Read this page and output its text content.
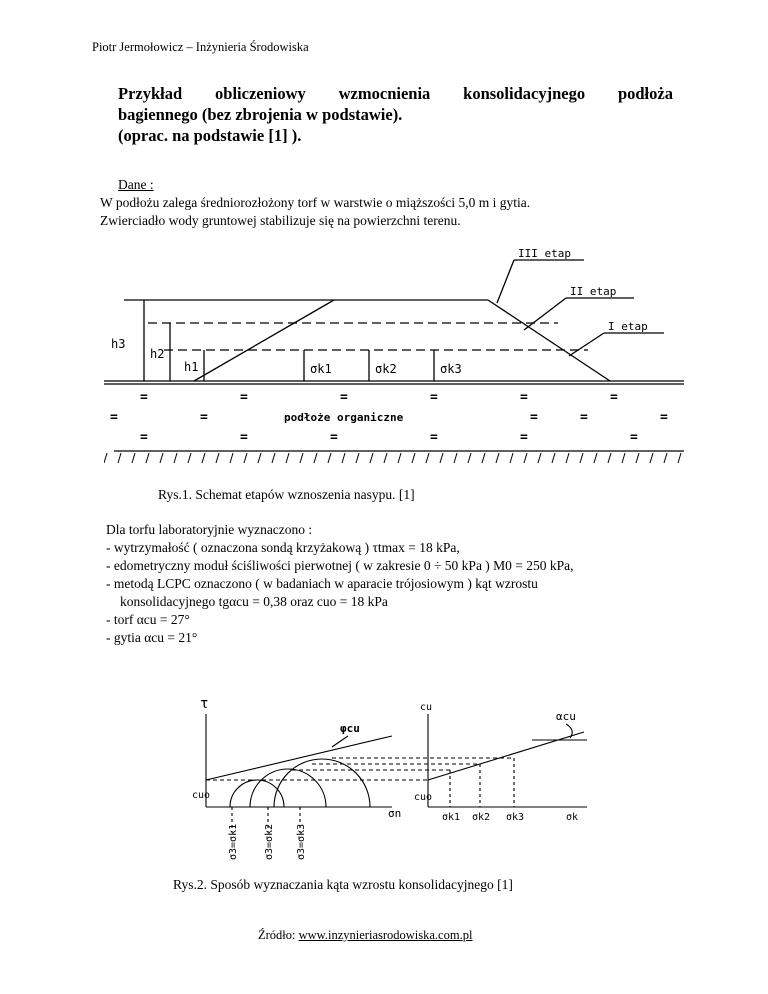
Piotr Jermołowicz – Inżynieria Środowiska
Przykład obliczeniowy wzmocnienia konsolidacyjnego podłoża
bagiennego (bez zbrojenia w podstawie).
(oprac. na podstawie [1] ).
Dane :
W podłożu zalega średniorozłożony torf w warstwie o miąższości 5,0 m i gytia.
Zwierciadło wody gruntowej stabilizuje się na powierzchni terenu.
=	=	=	=	=	=
=	=	=	=	=
=	=	=	=	=	=
h3
h2
h1	σk1	σk2	σk3
III etap
II etap
I etap
podłoże organiczne
Rys.1. Schemat etapów wznoszenia nasypu. [1]
Dla torfu laboratoryjnie wyznaczono :
- wytrzymałość ( oznaczona sondą krzyżakową ) τtmax = 18 kPa,
- edometryczny moduł ściśliwości pierwotnej ( w zakresie 0 ÷ 50 kPa ) M0 = 250 kPa,
- metodą LCPC oznaczono ( w badaniach w aparacie trójosiowym ) kąt wzrostu
konsolidacyjnego tgαcu = 0,38 oraz cuo = 18 kPa
- torf αcu = 27°
- gytia αcu = 21°
τ
φcu
cuo
σn
σ3=σk1	σ3=σk2 σ3=σk3
cu
αcu
cuo
σk1 σk2 σk3	σk
Rys.2. Sposób wyznaczania kąta wzrostu konsolidacyjnego [1]
Źródło: www.inzynieriasrodowiska.com.pl
